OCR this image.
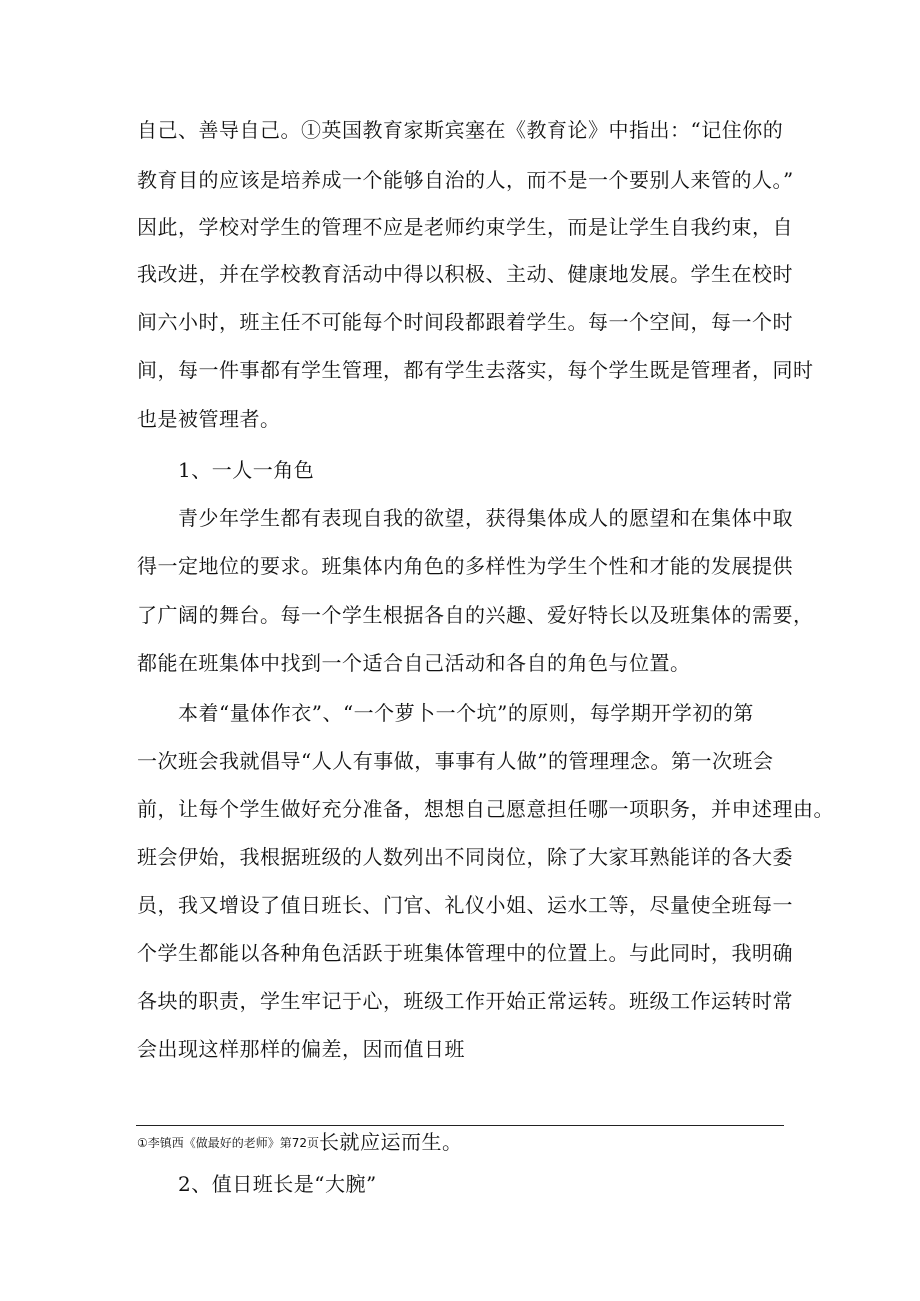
自己、善导自己。①英国教育家斯宾塞在《教育论》中指出：“记住你的
教育目的应该是培养成一个能够自治的人，而不是一个要别人来管的人。”
因此，学校对学生的管理不应是老师约束学生，而是让学生自我约束，自
我改进，并在学校教育活动中得以积极、主动、健康地发展。学生在校时
间六小时，班主任不可能每个时间段都跟着学生。每一个空间，每一个时
间，每一件事都有学生管理，都有学生去落实，每个学生既是管理者，同时
也是被管理者。
1、一人一角色
青少年学生都有表现自我的欲望，获得集体成人的愿望和在集体中取
得一定地位的要求。班集体内角色的多样性为学生个性和才能的发展提供
了广阔的舞台。每一个学生根据各自的兴趣、爱好特长以及班集体的需要，
都能在班集体中找到一个适合自己活动和各自的角色与位置。
本着“量体作衣”、“一个萝卜一个坑”的原则，每学期开学初的第
一次班会我就倡导“人人有事做，事事有人做”的管理理念。第一次班会
前，让每个学生做好充分准备，想想自己愿意担任哪一项职务，并申述理由。
班会伊始，我根据班级的人数列出不同岗位，除了大家耳熟能详的各大委
员，我又增设了值日班长、门官、礼仪小姐、运水工等，尽量使全班每一
个学生都能以各种角色活跃于班集体管理中的位置上。与此同时，我明确
各块的职责，学生牢记于心，班级工作开始正常运转。班级工作运转时常
会出现这样那样的偏差，因而值日班
①李镇西《做最好的老师》第72页长就应运而生。
2、值日班长是“大腕”
